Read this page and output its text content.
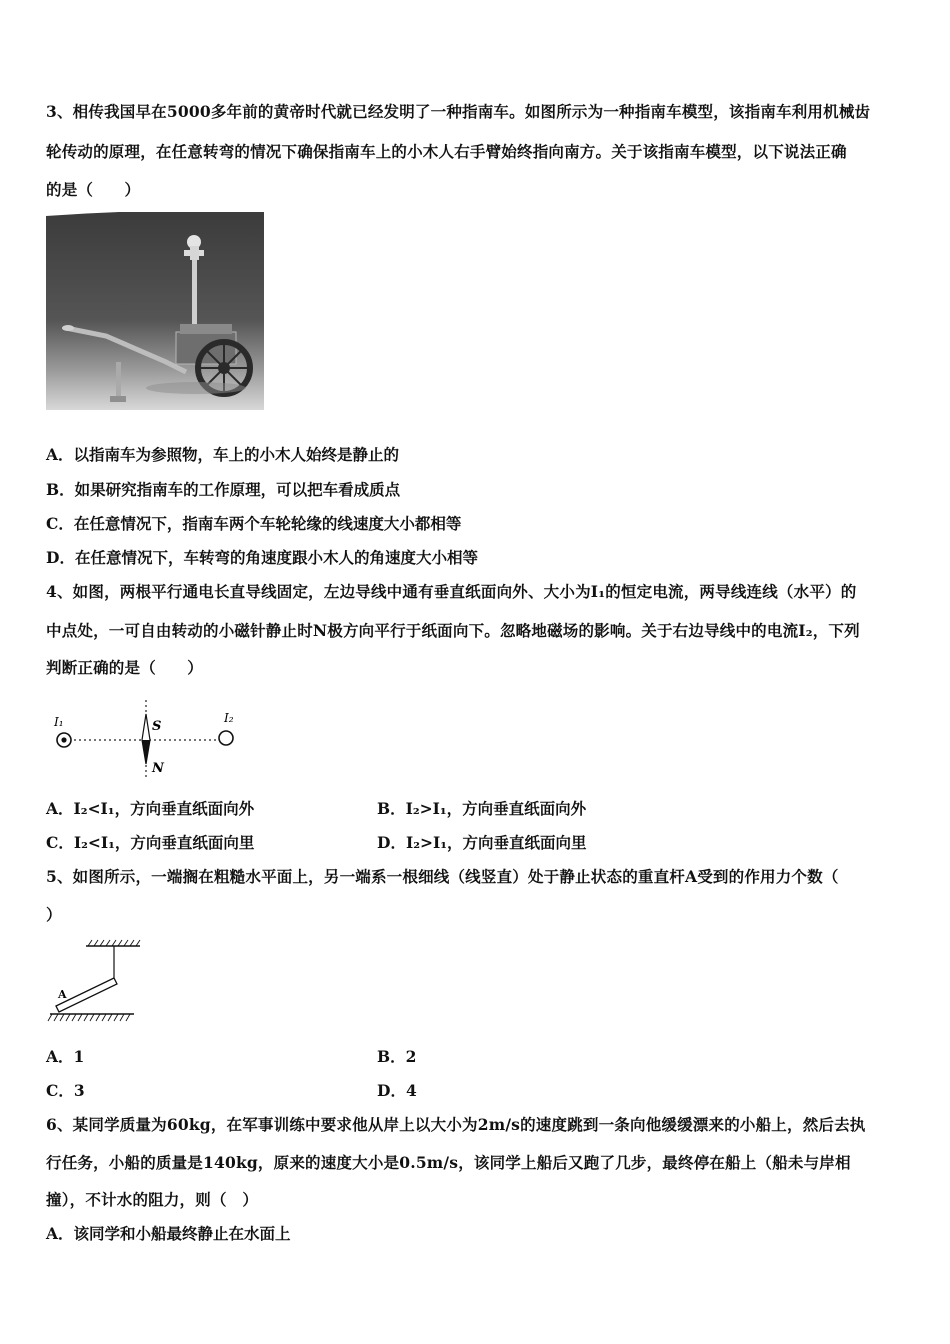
3、相传我国早在5000多年前的黄帝时代就已经发明了一种指南车。如图所示为一种指南车模型，该指南车利用机械齿
轮传动的原理，在任意转弯的情况下确保指南车上的小木人右手臂始终指向南方。关于该指南车模型，以下说法正确
的是（　　）
A．以指南车为参照物，车上的小木人始终是静止的
B．如果研究指南车的工作原理，可以把车看成质点
C．在任意情况下，指南车两个车轮轮缘的线速度大小都相等
D．在任意情况下，车转弯的角速度跟小木人的角速度大小相等
4、如图，两根平行通电长直导线固定，左边导线中通有垂直纸面向外、大小为I₁的恒定电流，两导线连线（水平）的
中点处，一可自由转动的小磁针静止时N极方向平行于纸面向下。忽略地磁场的影响。关于右边导线中的电流I₂，下列
判断正确的是（　　）
I₁	I₂
S
N
A．I₂<I₁，方向垂直纸面向外	B．I₂>I₁，方向垂直纸面向外
C．I₂<I₁，方向垂直纸面向里	D．I₂>I₁，方向垂直纸面向里
5、如图所示，一端搁在粗糙水平面上，另一端系一根细线（线竖直）处于静止状态的重直杆A受到的作用力个数（
）
A
A．1	B．2
C．3	D．4
6、某同学质量为60kg，在军事训练中要求他从岸上以大小为2m/s的速度跳到一条向他缓缓漂来的小船上，然后去执
行任务，小船的质量是140kg，原来的速度大小是0.5m/s，该同学上船后又跑了几步，最终停在船上（船未与岸相
撞），不计水的阻力，则（　）
A．该同学和小船最终静止在水面上
